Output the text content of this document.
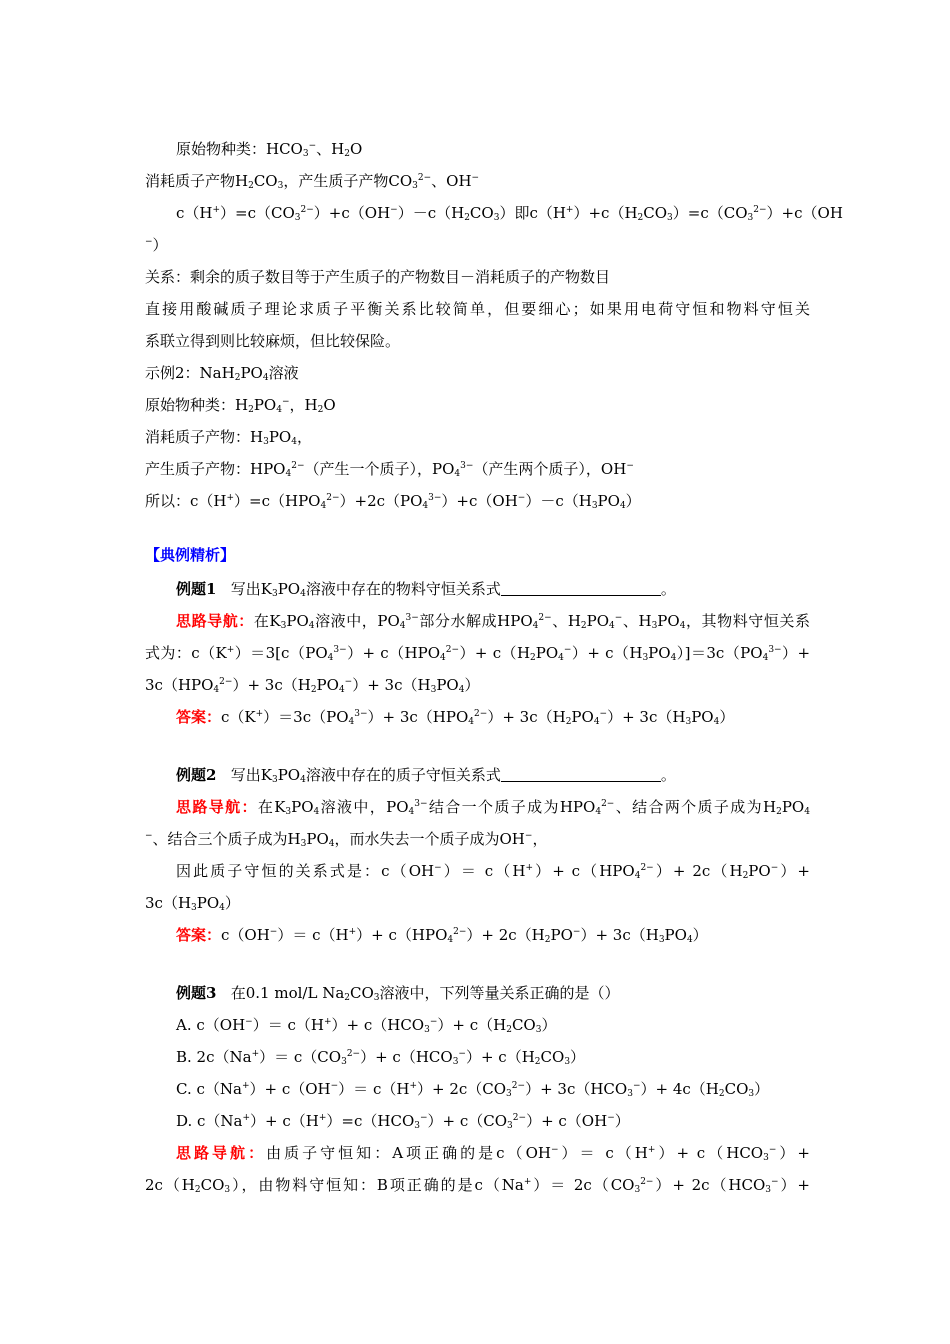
原始物种类：$HCO_3^-$、$H_2O$
消耗质子产物$H_2CO_3$，产生质子产物$CO_3^{2-}$、OH−
$c(H^+)=c(CO_3^{2-})+c(OH^-)-c(H_2CO_3)$即$c(H^+)+c(H_2CO_3)=c(CO_3^{2-})+c(OH$
−）
关系：剩余的质子数目等于产生质子的产物数目－消耗质子的产物数目
直接用酸碱质子理论求质子平衡关系比较简单，但要细心；如果用电荷守恒和物料守恒关
系联立得到则比较麻烦，但比较保险。
示例2：$NaH_2PO_4$溶液
原始物种类：$H_2PO_4^-$，$H_2O$
消耗质子产物：$H_3PO_4$，
产生质子产物：$HPO_4^{2-}$（产生一个质子），$PO_4^{3-}$（产生两个质子），OH−
所以：$c(H^+)=c(HPO_4^{2-})+2c(PO_4^{3-})+c(OH^-)-c(H_3PO_4)$
【典例精析】
例题1 写出$K_3PO_4$溶液中存在的物料守恒关系式	。
思路导航：在$K_3PO_4$溶液中，$PO_4^{3-}$部分水解成$HPO_4^{2-}$、$H_2PO_4^-$、$H_3PO_4$，其物料守恒关系
式为：$c(K^+)=3[c(PO_4^{3-})+ c(HPO_4^{2-})+ c(H_2PO_4^-)+ c(H_3PO_4)]=3c(PO_4^{3-})+$
$3c(HPO_4^{2-})+ 3c(H_2PO_4^-)+ 3c(H_3PO_4)$
答案：$c(K^+)=3c(PO_4^{3-})+ 3c(HPO_4^{2-})+ 3c(H_2PO_4^-)+ 3c(H_3PO_4)$
例题2 写出$K_3PO_4$溶液中存在的质子守恒关系式	。
思路导航：在$K_3PO_4$溶液中，$PO_4^{3-}$结合一个质子成为$HPO_4^{2-}$、结合两个质子成为$H_2PO_4$
−、结合三个质子成为$H_3PO_4$，而水失去一个质子成为OH−，
因此质子守恒的关系式是：$c(OH^-)= c(H^+)+ c(HPO_4^{2-})+ 2c(H_2PO^-)+$
$3c(H_3PO_4)$
答案：$c(OH^-)= c(H^+)+ c(HPO_4^{2-})+ 2c(H_2PO^-)+ 3c(H_3PO_4)$
例题3 在0.1 mol/L $Na_2CO_3$溶液中，下列等量关系正确的是（）
A. $c(OH^-)= c(H^+)+ c(HCO_3^-)+ c(H_2CO_3)$
B. $2c(Na^+)= c(CO_3^{2-})+ c(HCO_3^-)+ c(H_2CO_3)$
C. $c(Na^+)+ c(OH^-)= c(H^+)+ 2c(CO_3^{2-})+ 3c(HCO_3^-)+ 4c(H_2CO_3)$
D. $c(Na^+)+ c(H^+)=c(HCO_3^-)+ c(CO_3^{2-})+ c(OH^-)$
思路导航：由质子守恒知：A项正确的是$c(OH^-)= c(H^+)+ c(HCO_3^-)+$
$2c(H_2CO_3)$，由物料守恒知：B项正确的是$c(Na^+)= 2c(CO_3^{2-})+ 2c(HCO_3^-)+$
